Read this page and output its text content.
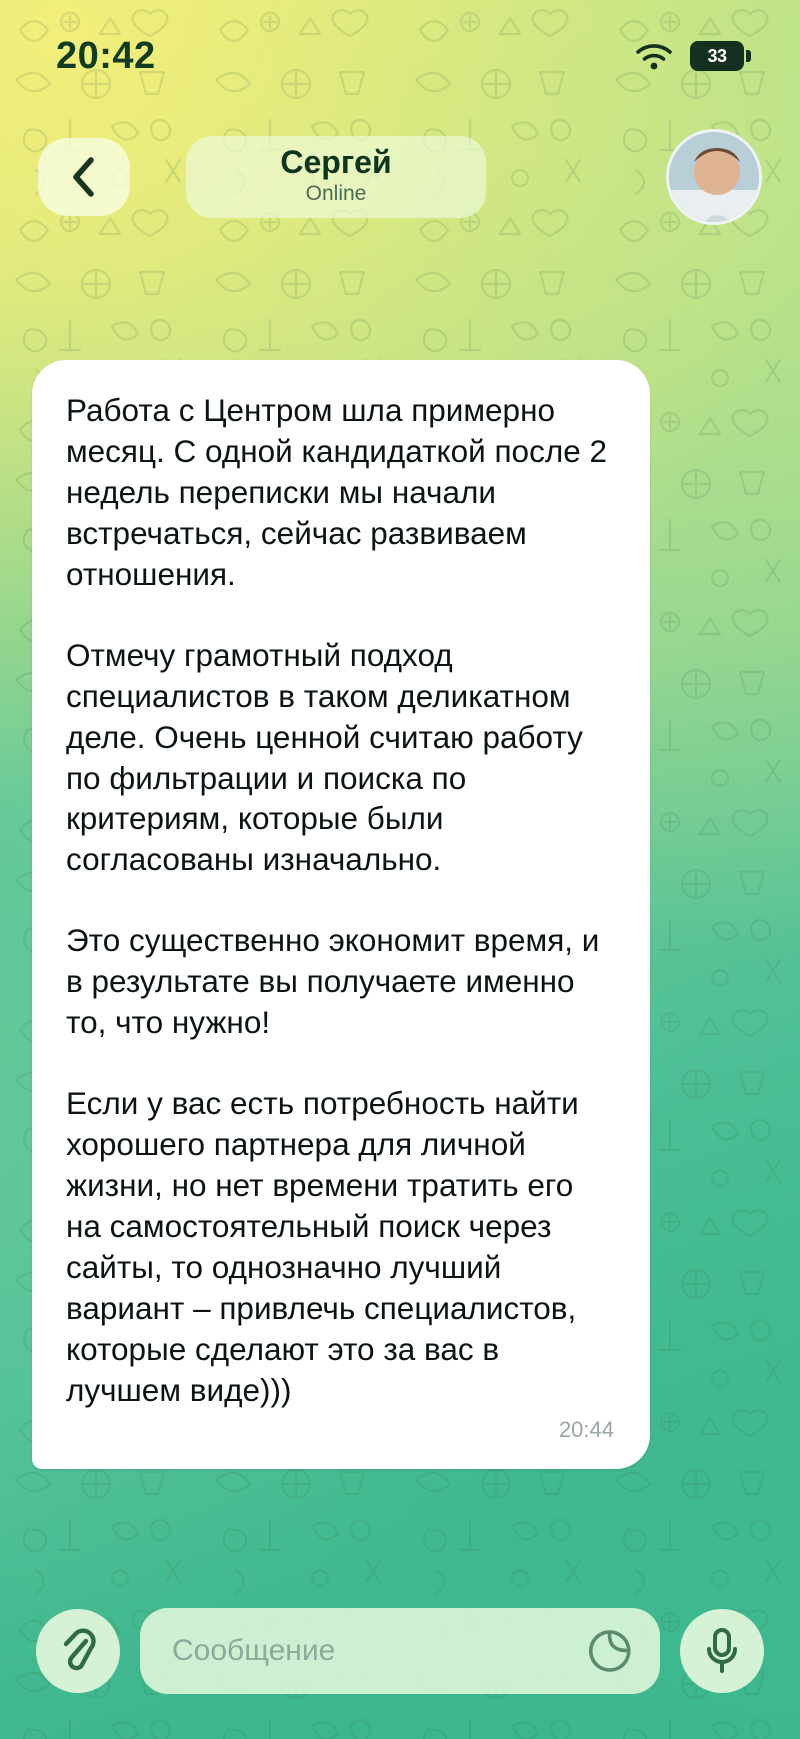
20:42	33
Сергей
Online

Работа с Центром шла примерно месяц. С одной кандидаткой после 2 недель переписки мы начали встречаться, сейчас развиваем отношения.

Отмечу грамотный подход специалистов в таком деликатном деле. Очень ценной считаю работу по фильтрации и поиска по критериям, которые были согласованы изначально.

Это существенно экономит время, и в результате вы получаете именно то, что нужно!

Если у вас есть потребность найти хорошего партнера для личной жизни, но нет времени тратить его на самостоятельный поиск через сайты, то однозначно лучший вариант – привлечь специалистов, которые сделают это за вас в лучшем виде)))

20:44
Сообщение
